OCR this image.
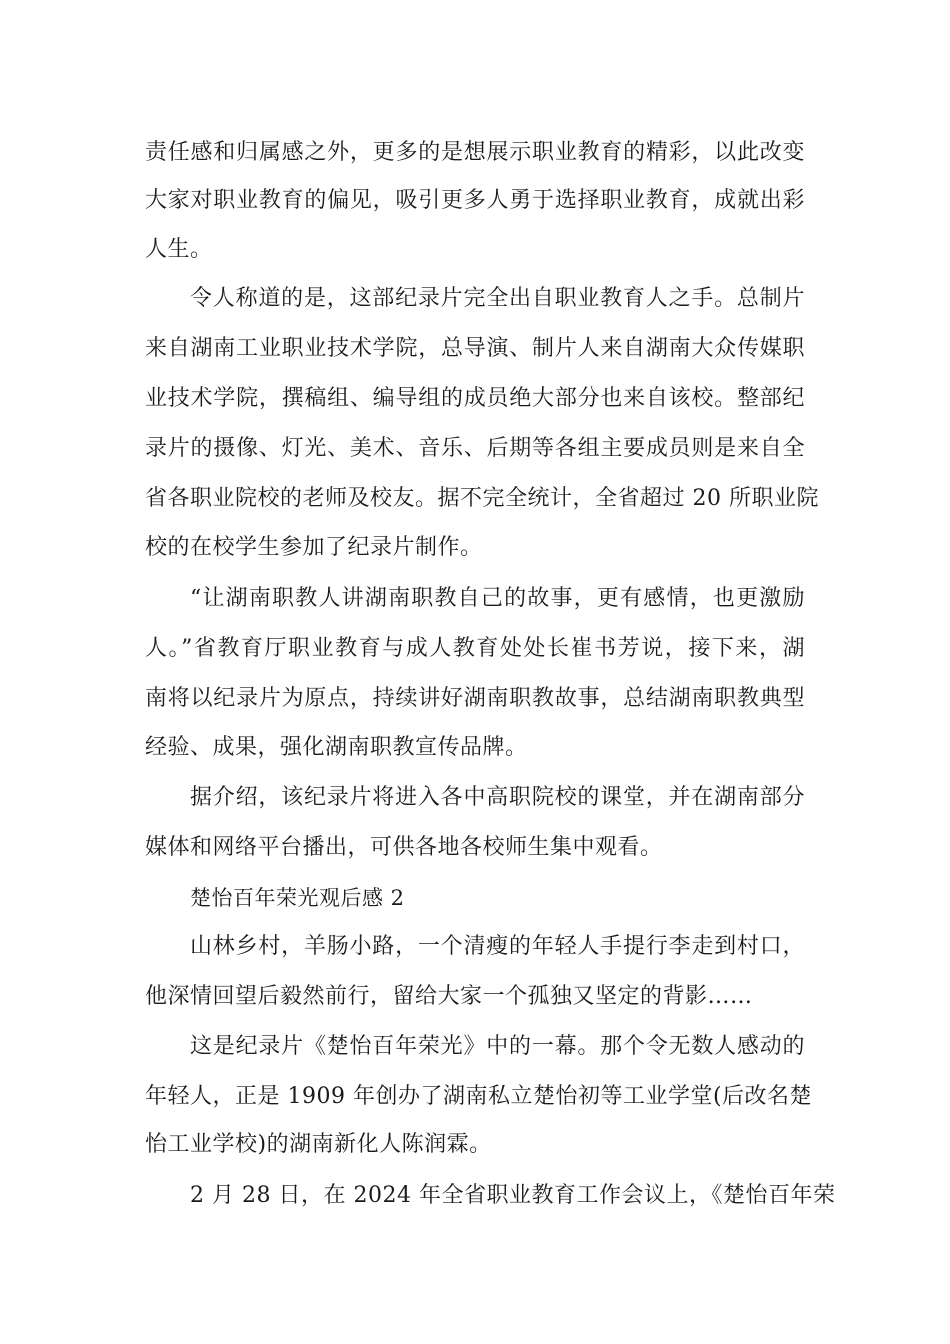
责任感和归属感之外，更多的是想展示职业教育的精彩，以此改变
大家对职业教育的偏见，吸引更多人勇于选择职业教育，成就出彩
人生。
令人称道的是，这部纪录片完全出自职业教育人之手。总制片
来自湖南工业职业技术学院，总导演、制片人来自湖南大众传媒职
业技术学院，撰稿组、编导组的成员绝大部分也来自该校。整部纪
录片的摄像、灯光、美术、音乐、后期等各组主要成员则是来自全
省各职业院校的老师及校友。据不完全统计，全省超过 20 所职业院
校的在校学生参加了纪录片制作。
“让湖南职教人讲湖南职教自己的故事，更有感情，也更激励
人。”省教育厅职业教育与成人教育处处长崔书芳说，接下来，湖
南将以纪录片为原点，持续讲好湖南职教故事，总结湖南职教典型
经验、成果，强化湖南职教宣传品牌。
据介绍，该纪录片将进入各中高职院校的课堂，并在湖南部分
媒体和网络平台播出，可供各地各校师生集中观看。
楚怡百年荣光观后感 2
山林乡村，羊肠小路，一个清瘦的年轻人手提行李走到村口，
他深情回望后毅然前行，留给大家一个孤独又坚定的背影……
这是纪录片《楚怡百年荣光》中的一幕。那个令无数人感动的
年轻人，正是 1909 年创办了湖南私立楚怡初等工业学堂(后改名楚
怡工业学校)的湖南新化人陈润霖。
2 月 28 日，在 2024 年全省职业教育工作会议上，《楚怡百年荣
